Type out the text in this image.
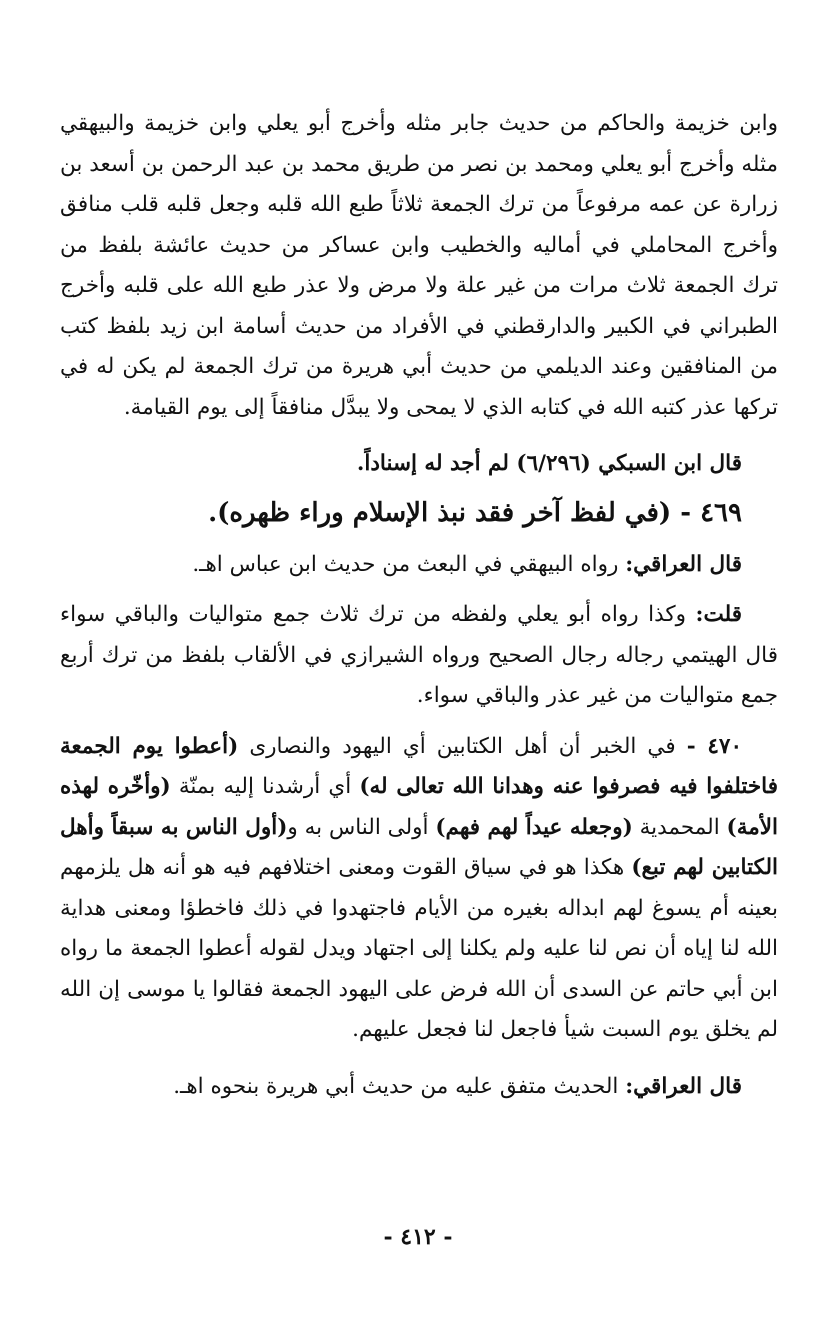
وابن خزيمة والحاكم من حديث جابر مثله وأخرج أبو يعلي وابن خزيمة والبيهقي مثله وأخرج أبو يعلي ومحمد بن نصر من طريق محمد بن عبد الرحمن بن أسعد بن زرارة عن عمه مرفوعاً من ترك الجمعة ثلاثاً طبع الله قلبه وجعل قلبه قلب منافق وأخرج المحاملي في أماليه والخطيب وابن عساكر من حديث عائشة بلفظ من ترك الجمعة ثلاث مرات من غير علة ولا مرض ولا عذر طبع الله على قلبه وأخرج الطبراني في الكبير والدارقطني في الأفراد من حديث أسامة ابن زيد بلفظ كتب من المنافقين وعند الديلمي من حديث أبي هريرة من ترك الجمعة لم يكن له في تركها عذر كتبه الله في كتابه الذي لا يمحى ولا يبدَّل منافقاً إلى يوم القيامة.

قال ابن السبكي (٦/٢٩٦) لم أجد له إسناداً.

٤٦٩ - (في لفظ آخر فقد نبذ الإسلام وراء ظهره).

قال العراقي: رواه البيهقي في البعث من حديث ابن عباس اهـ.

قلت: وكذا رواه أبو يعلي ولفظه من ترك ثلاث جمع متواليات والباقي سواء قال الهيتمي رجاله رجال الصحيح ورواه الشيرازي في الألقاب بلفظ من ترك أربع جمع متواليات من غير عذر والباقي سواء.

٤٧٠ - في الخبر أن أهل الكتابين أي اليهود والنصارى (أعطوا يوم الجمعة فاختلفوا فيه فصرفوا عنه وهدانا الله تعالى له) أي أرشدنا إليه بمنّة (وأخّره لهذه الأمة) المحمدية (وجعله عيداً لهم فهم) أولى الناس به و(أول الناس به سبقاً وأهل الكتابين لهم تبع) هكذا هو في سياق القوت ومعنى اختلافهم فيه هو أنه هل يلزمهم بعينه أم يسوغ لهم ابداله بغيره من الأيام فاجتهدوا في ذلك فاخطؤا ومعنى هداية الله لنا إياه أن نص لنا عليه ولم يكلنا إلى اجتهاد ويدل لقوله أعطوا الجمعة ما رواه ابن أبي حاتم عن السدى أن الله فرض على اليهود الجمعة فقالوا يا موسى إن الله لم يخلق يوم السبت شيأ فاجعل لنا فجعل عليهم.

قال العراقي: الحديث متفق عليه من حديث أبي هريرة بنحوه اهـ.

- ٤١٢ -
